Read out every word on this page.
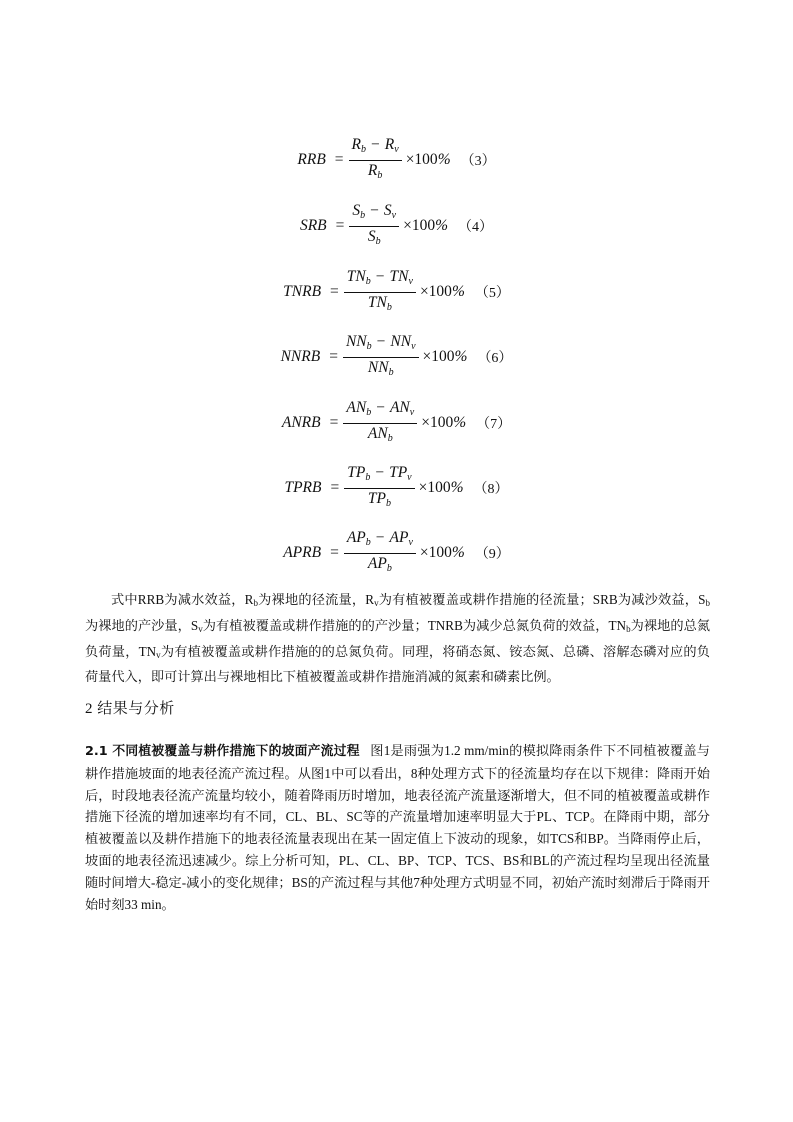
RRB = $\frac{R_b - R_v}{R_b} \times 100\%$ （3）
SRB = $\frac{S_b - S_v}{S_b} \times 100\%$ （4）
TNRB = $\frac{TN_b - TN_v}{TN_b} \times 100\%$ （5）
NNRB = $\frac{NN_b - NN_v}{NN_b} \times 100\%$ （6）
ANRB = $\frac{AN_b - AN_v}{AN_b} \times 100\%$ （7）
TPRB = $\frac{TP_b - TP_v}{TP_b} \times 100\%$ （8）
APRB = $\frac{AP_b - AP_v}{AP_b} \times 100\%$ （9）
式中RRB为减水效益，$R_b$为裸地的径流量，$R_v$为有植被覆盖或耕作措施的径流量；SRB为减沙效益，$S_b$为裸地的产沙量，$S_v$为有植被覆盖或耕作措施的的产沙量；TNRB为减少总氮负荷的效益，$TN_b$为裸地的总氮负荷量，$TN_v$为有植被覆盖或耕作措施的的总氮负荷。同理，将硝态氮、铵态氮、总磷、溶解态磷对应的负荷量代入，即可计算出与裸地相比下植被覆盖或耕作措施消减的氮素和磷素比例。
2 结果与分析
2.1 不同植被覆盖与耕作措施下的坡面产流过程 图1是雨强为1.2 mm/min的模拟降雨条件下不同植被覆盖与耕作措施坡面的地表径流产流过程。从图1中可以看出，8种处理方式下的径流量均存在以下规律：降雨开始后，时段地表径流产流量均较小，随着降雨历时增加，地表径流产流量逐渐增大，但不同的植被覆盖或耕作措施下径流的增加速率均有不同，CL、BL、SC等的产流量增加速率明显大于PL、TCP。在降雨中期，部分植被覆盖以及耕作措施下的地表径流量表现出在某一固定值上下波动的现象，如TCS和BP。当降雨停止后，坡面的地表径流迅速减少。综上分析可知，PL、CL、BP、TCP、TCS、BS和BL的产流过程均呈现出径流量随时间增大-稳定-减小的变化规律；BS的产流过程与其他7种处理方式明显不同，初始产流时刻滞后于降雨开始时刻33 min。
